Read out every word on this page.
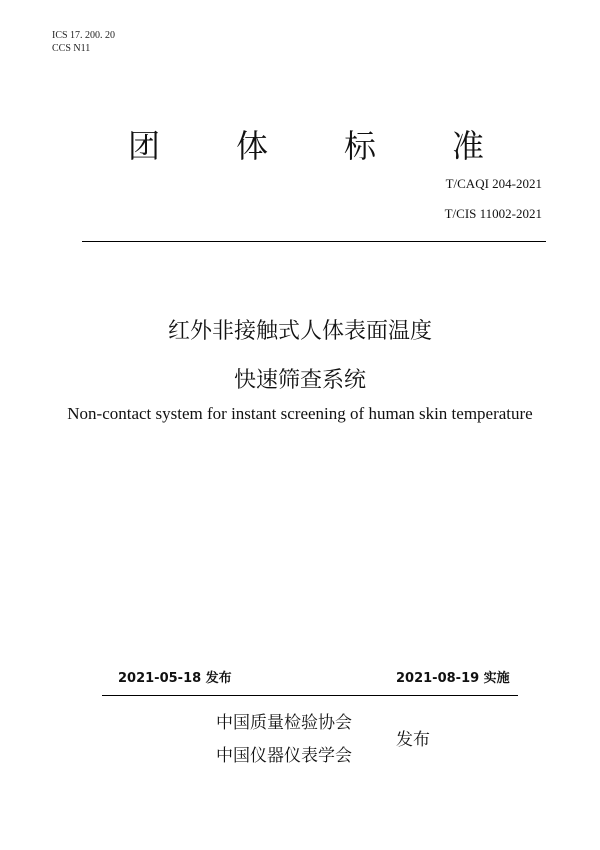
ICS 17. 200. 20
CCS N11
团 体 标 准
T/CAQI 204-2021
T/CIS 11002-2021
红外非接触式人体表面温度
快速筛查系统
Non-contact system for instant screening of human skin temperature
2021-05-18 发布	2021-08-19 实施
中国质量检验协会
中国仪器仪表学会
发布
